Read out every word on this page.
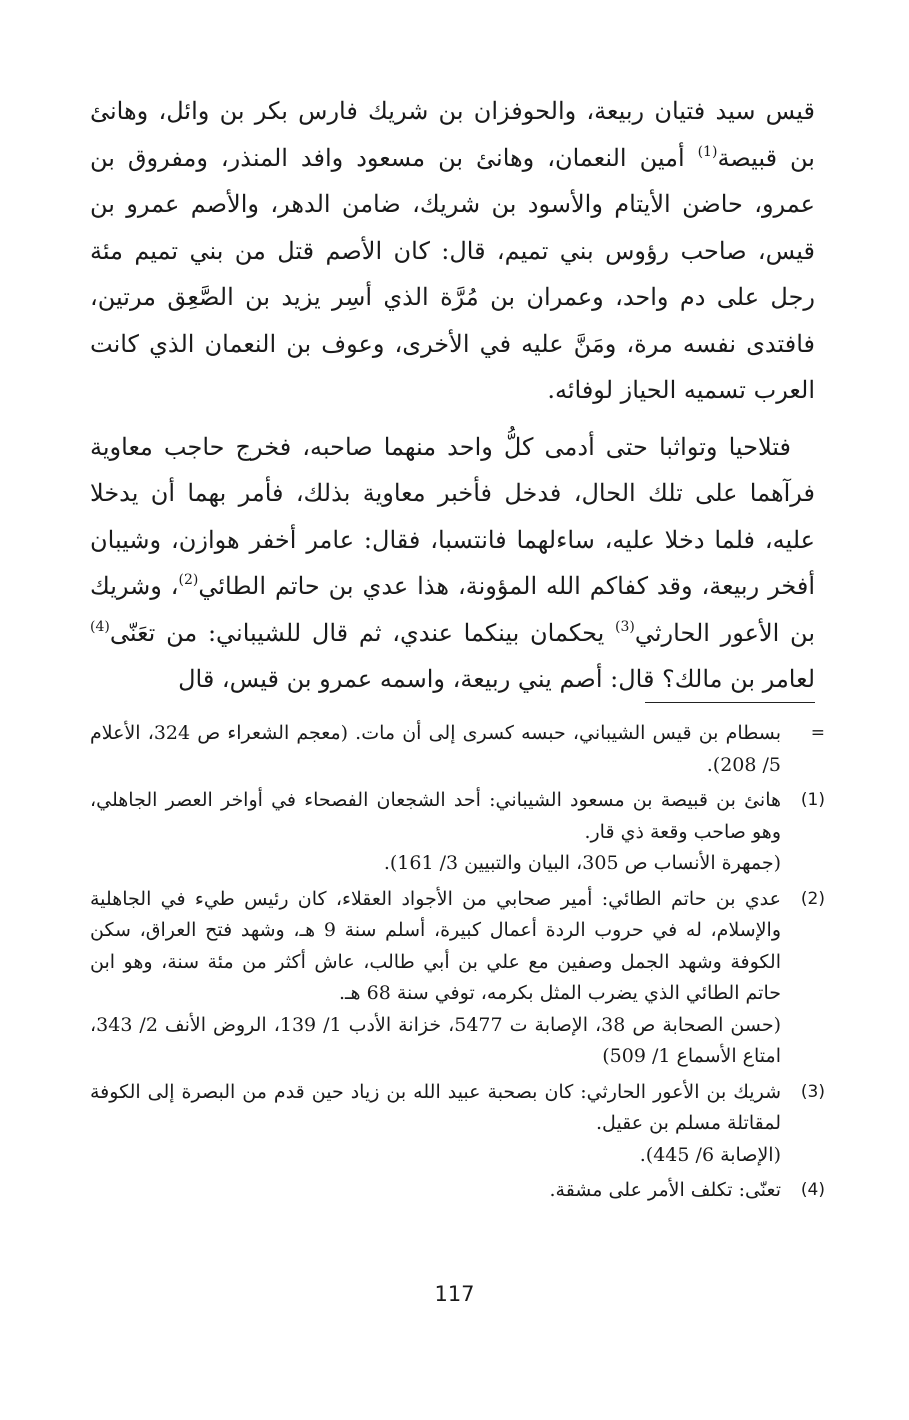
قيس سيد فتيان ربيعة، والحوفزان بن شريك فارس بكر بن وائل، وهانئ بن قبيصة$^{(1)}$ أمين النعمان، وهانئ بن مسعود وافد المنذر، ومفروق بن عمرو، حاضن الأيتام والأسود بن شريك، ضامن الدهر، والأصم عمرو بن قيس، صاحب رؤوس بني تميم، قال: كان الأصم قتل من بني تميم مئة رجل على دم واحد، وعمران بن مُرَّة الذي أسِر يزيد بن الصَّعِق مرتين، فافتدى نفسه مرة، ومَنَّ عليه في الأخرى، وعوف بن النعمان الذي كانت العرب تسميه الحياز لوفائه.

فتلاحيا وتواثبا حتى أدمى كلُّ واحد منهما صاحبه، فخرج حاجب معاوية فرآهما على تلك الحال، فدخل فأخبر معاوية بذلك، فأمر بهما أن يدخلا عليه، فلما دخلا عليه، ساءلهما فانتسبا، فقال: عامر أخفر هوازن، وشيبان أفخر ربيعة، وقد كفاكم الله المؤونة، هذا عدي بن حاتم الطائي$^{(2)}$، وشريك بن الأعور الحارثي$^{(3)}$ يحكمان بينكما عندي، ثم قال للشيباني: من تعَنّى$^{(4)}$ لعامر بن مالك؟ قال: أصم يني ربيعة، واسمه عمرو بن قيس، قال

=

بسطام بن قيس الشيباني، حبسه كسرى إلى أن مات. (معجم الشعراء ص 324، الأعلام 5/ 208).

(1)

هانئ بن قبيصة بن مسعود الشيباني: أحد الشجعان الفصحاء في أواخر العصر الجاهلي، وهو صاحب وقعة ذي قار.

(جمهرة الأنساب ص 305، البيان والتبيين 3/ 161).

(2)

عدي بن حاتم الطائي: أمير صحابي من الأجواد العقلاء، كان رئيس طيء في الجاهلية والإسلام، له في حروب الردة أعمال كبيرة، أسلم سنة 9 هـ، وشهد فتح العراق، سكن الكوفة وشهد الجمل وصفين مع علي بن أبي طالب، عاش أكثر من مئة سنة، وهو ابن حاتم الطائي الذي يضرب المثل بكرمه، توفي سنة 68 هـ.

(حسن الصحابة ص 38، الإصابة ت 5477، خزانة الأدب 1/ 139، الروض الأنف 2/ 343، امتاع الأسماع 1/ 509)

(3)

شريك بن الأعور الحارثي: كان بصحبة عبيد الله بن زياد حين قدم من البصرة إلى الكوفة لمقاتلة مسلم بن عقيل.

(الإصابة 6/ 445).

(4)

تعنّى: تكلف الأمر على مشقة.

117
